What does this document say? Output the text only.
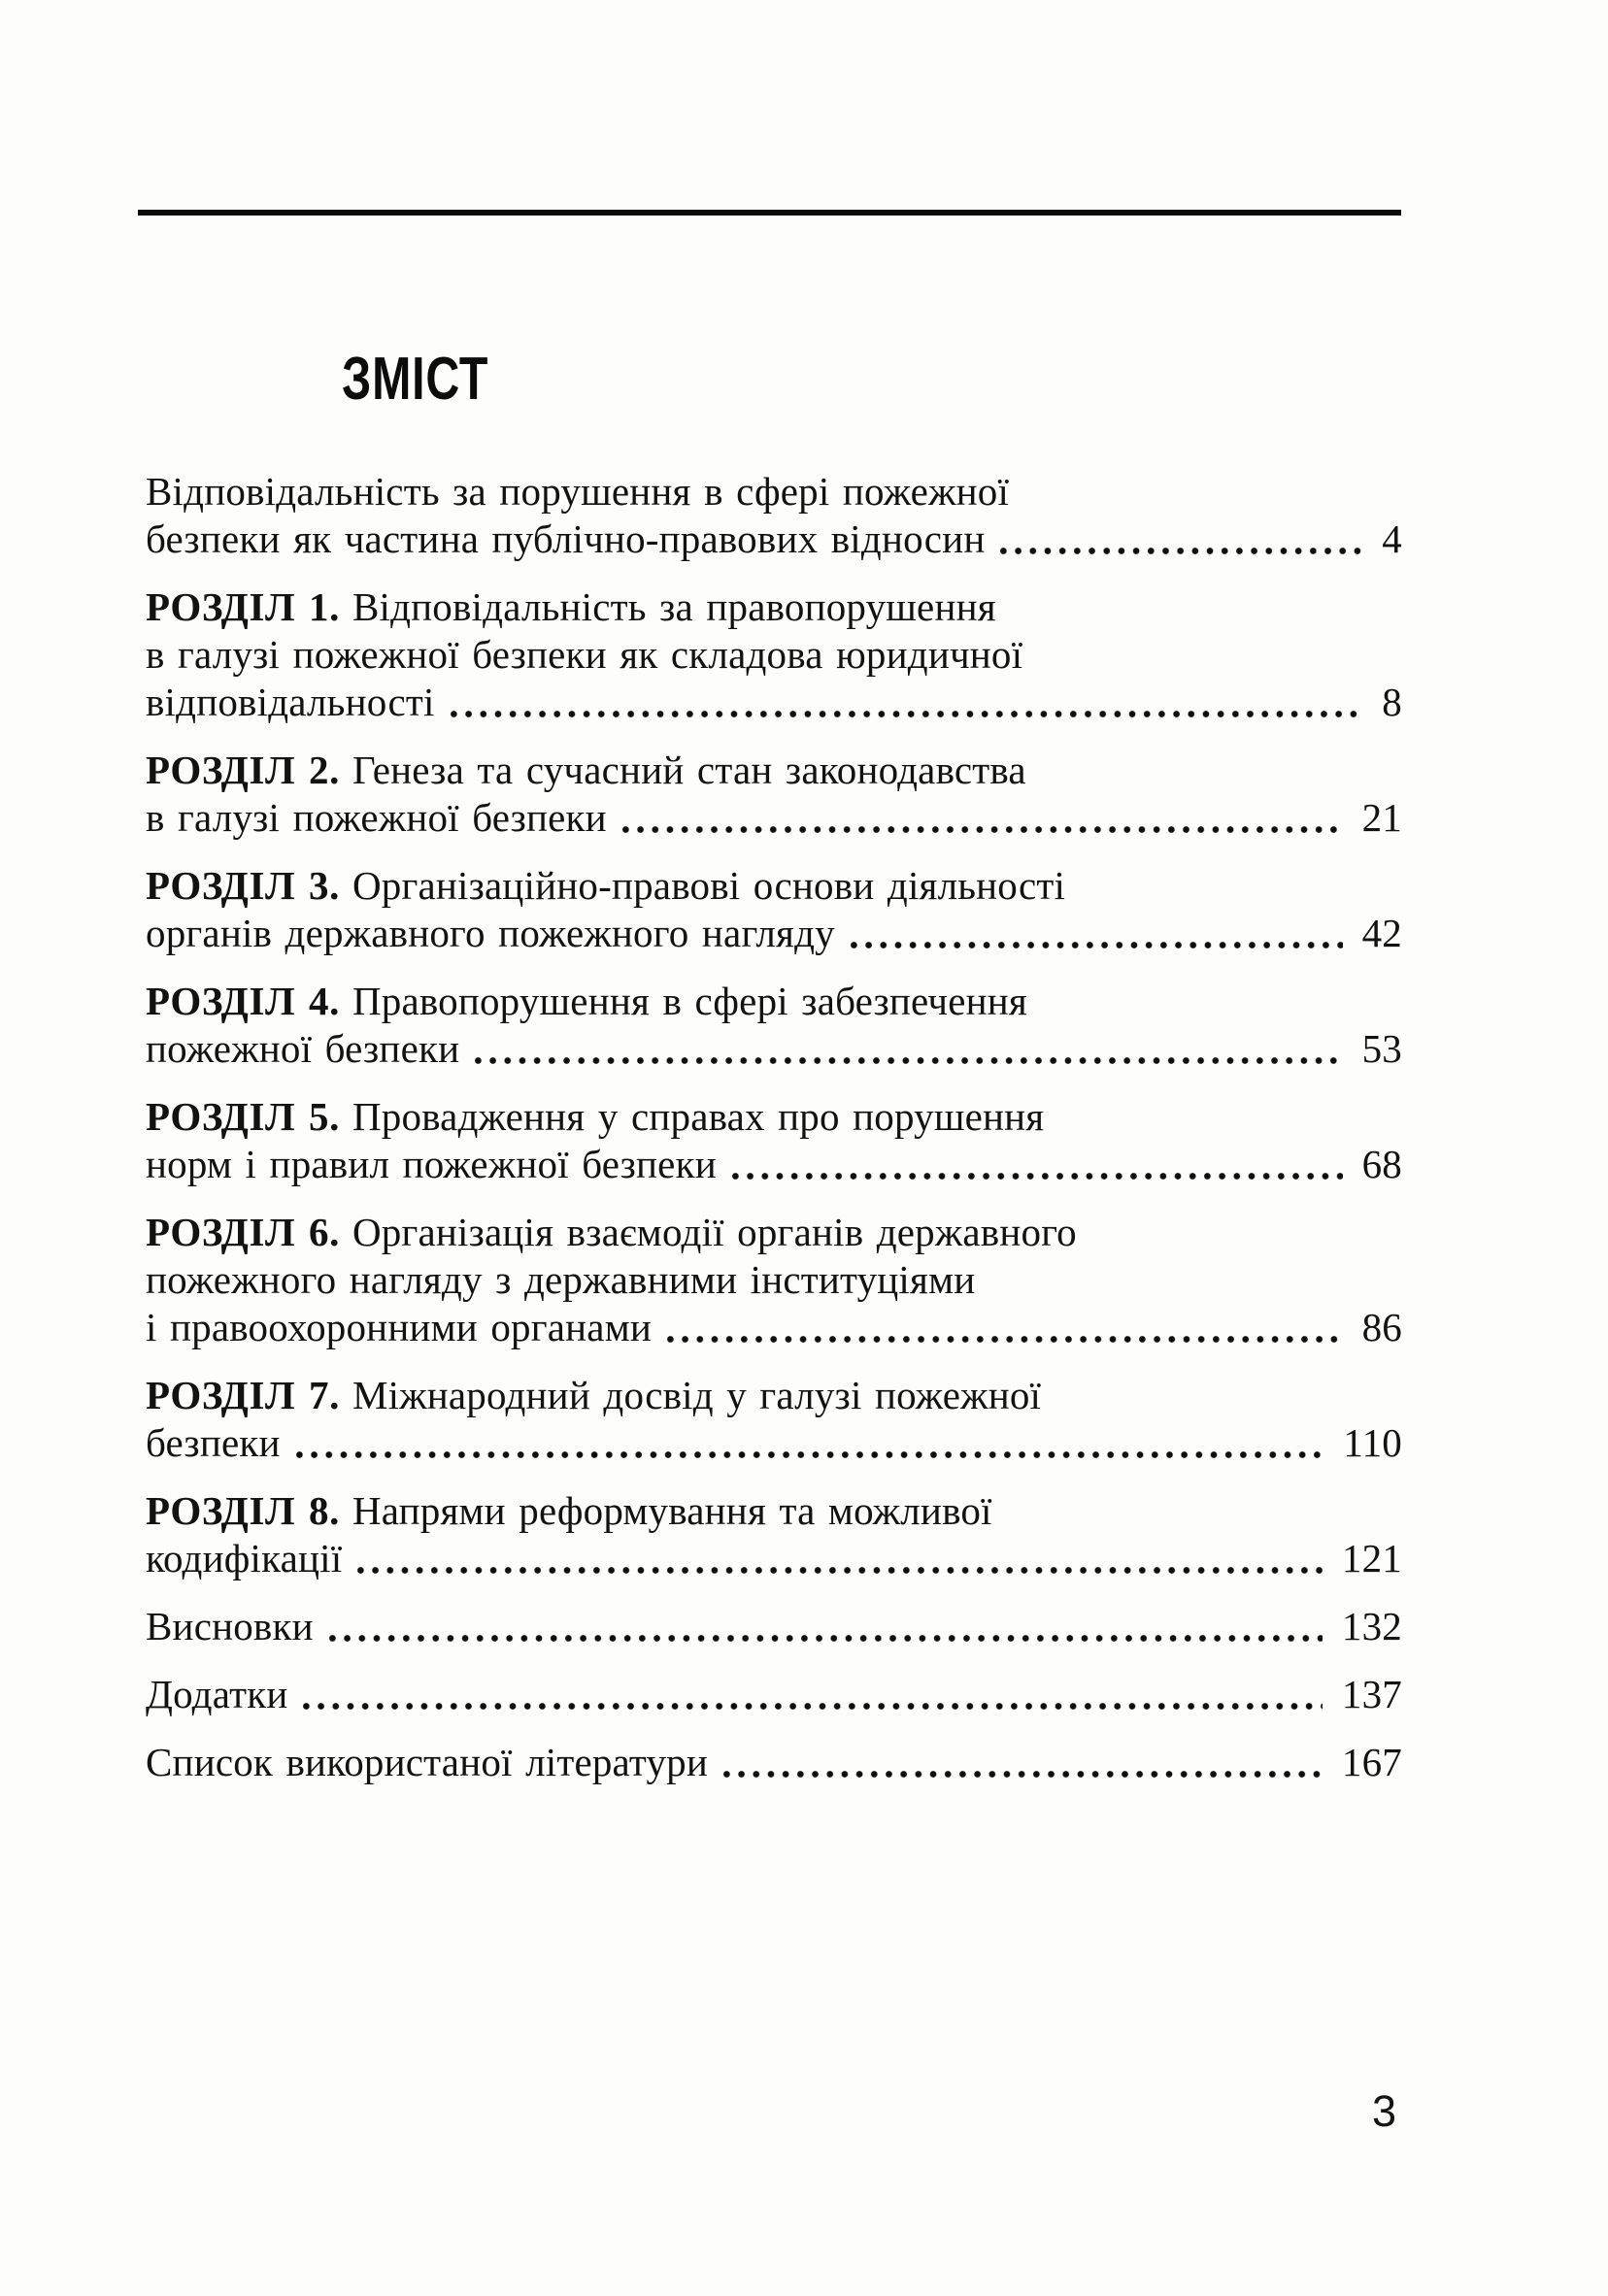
ЗМІСТ
Відповідальність за порушення в сфері пожежної
безпеки як частина публічно-правових відносин	4
РОЗДІЛ 1. Відповідальність за правопорушення
в галузі пожежної безпеки як складова юридичної
відповідальності	8
РОЗДІЛ 2. Генеза та сучасний стан законодавства
в галузі пожежної безпеки	21
РОЗДІЛ 3. Організаційно-правові основи діяльності
органів державного пожежного нагляду	42
РОЗДІЛ 4. Правопорушення в сфері забезпечення
пожежної безпеки	53
РОЗДІЛ 5. Провадження у справах про порушення
норм і правил пожежної безпеки	68
РОЗДІЛ 6. Організація взаємодії органів державного
пожежного нагляду з державними інституціями
і правоохоронними органами	86
РОЗДІЛ 7. Міжнародний досвід у галузі пожежної
безпеки	110
РОЗДІЛ 8. Напрями реформування та можливої
кодифікації	121
Висновки	132
Додатки	137
Список використаної літератури	167
3
